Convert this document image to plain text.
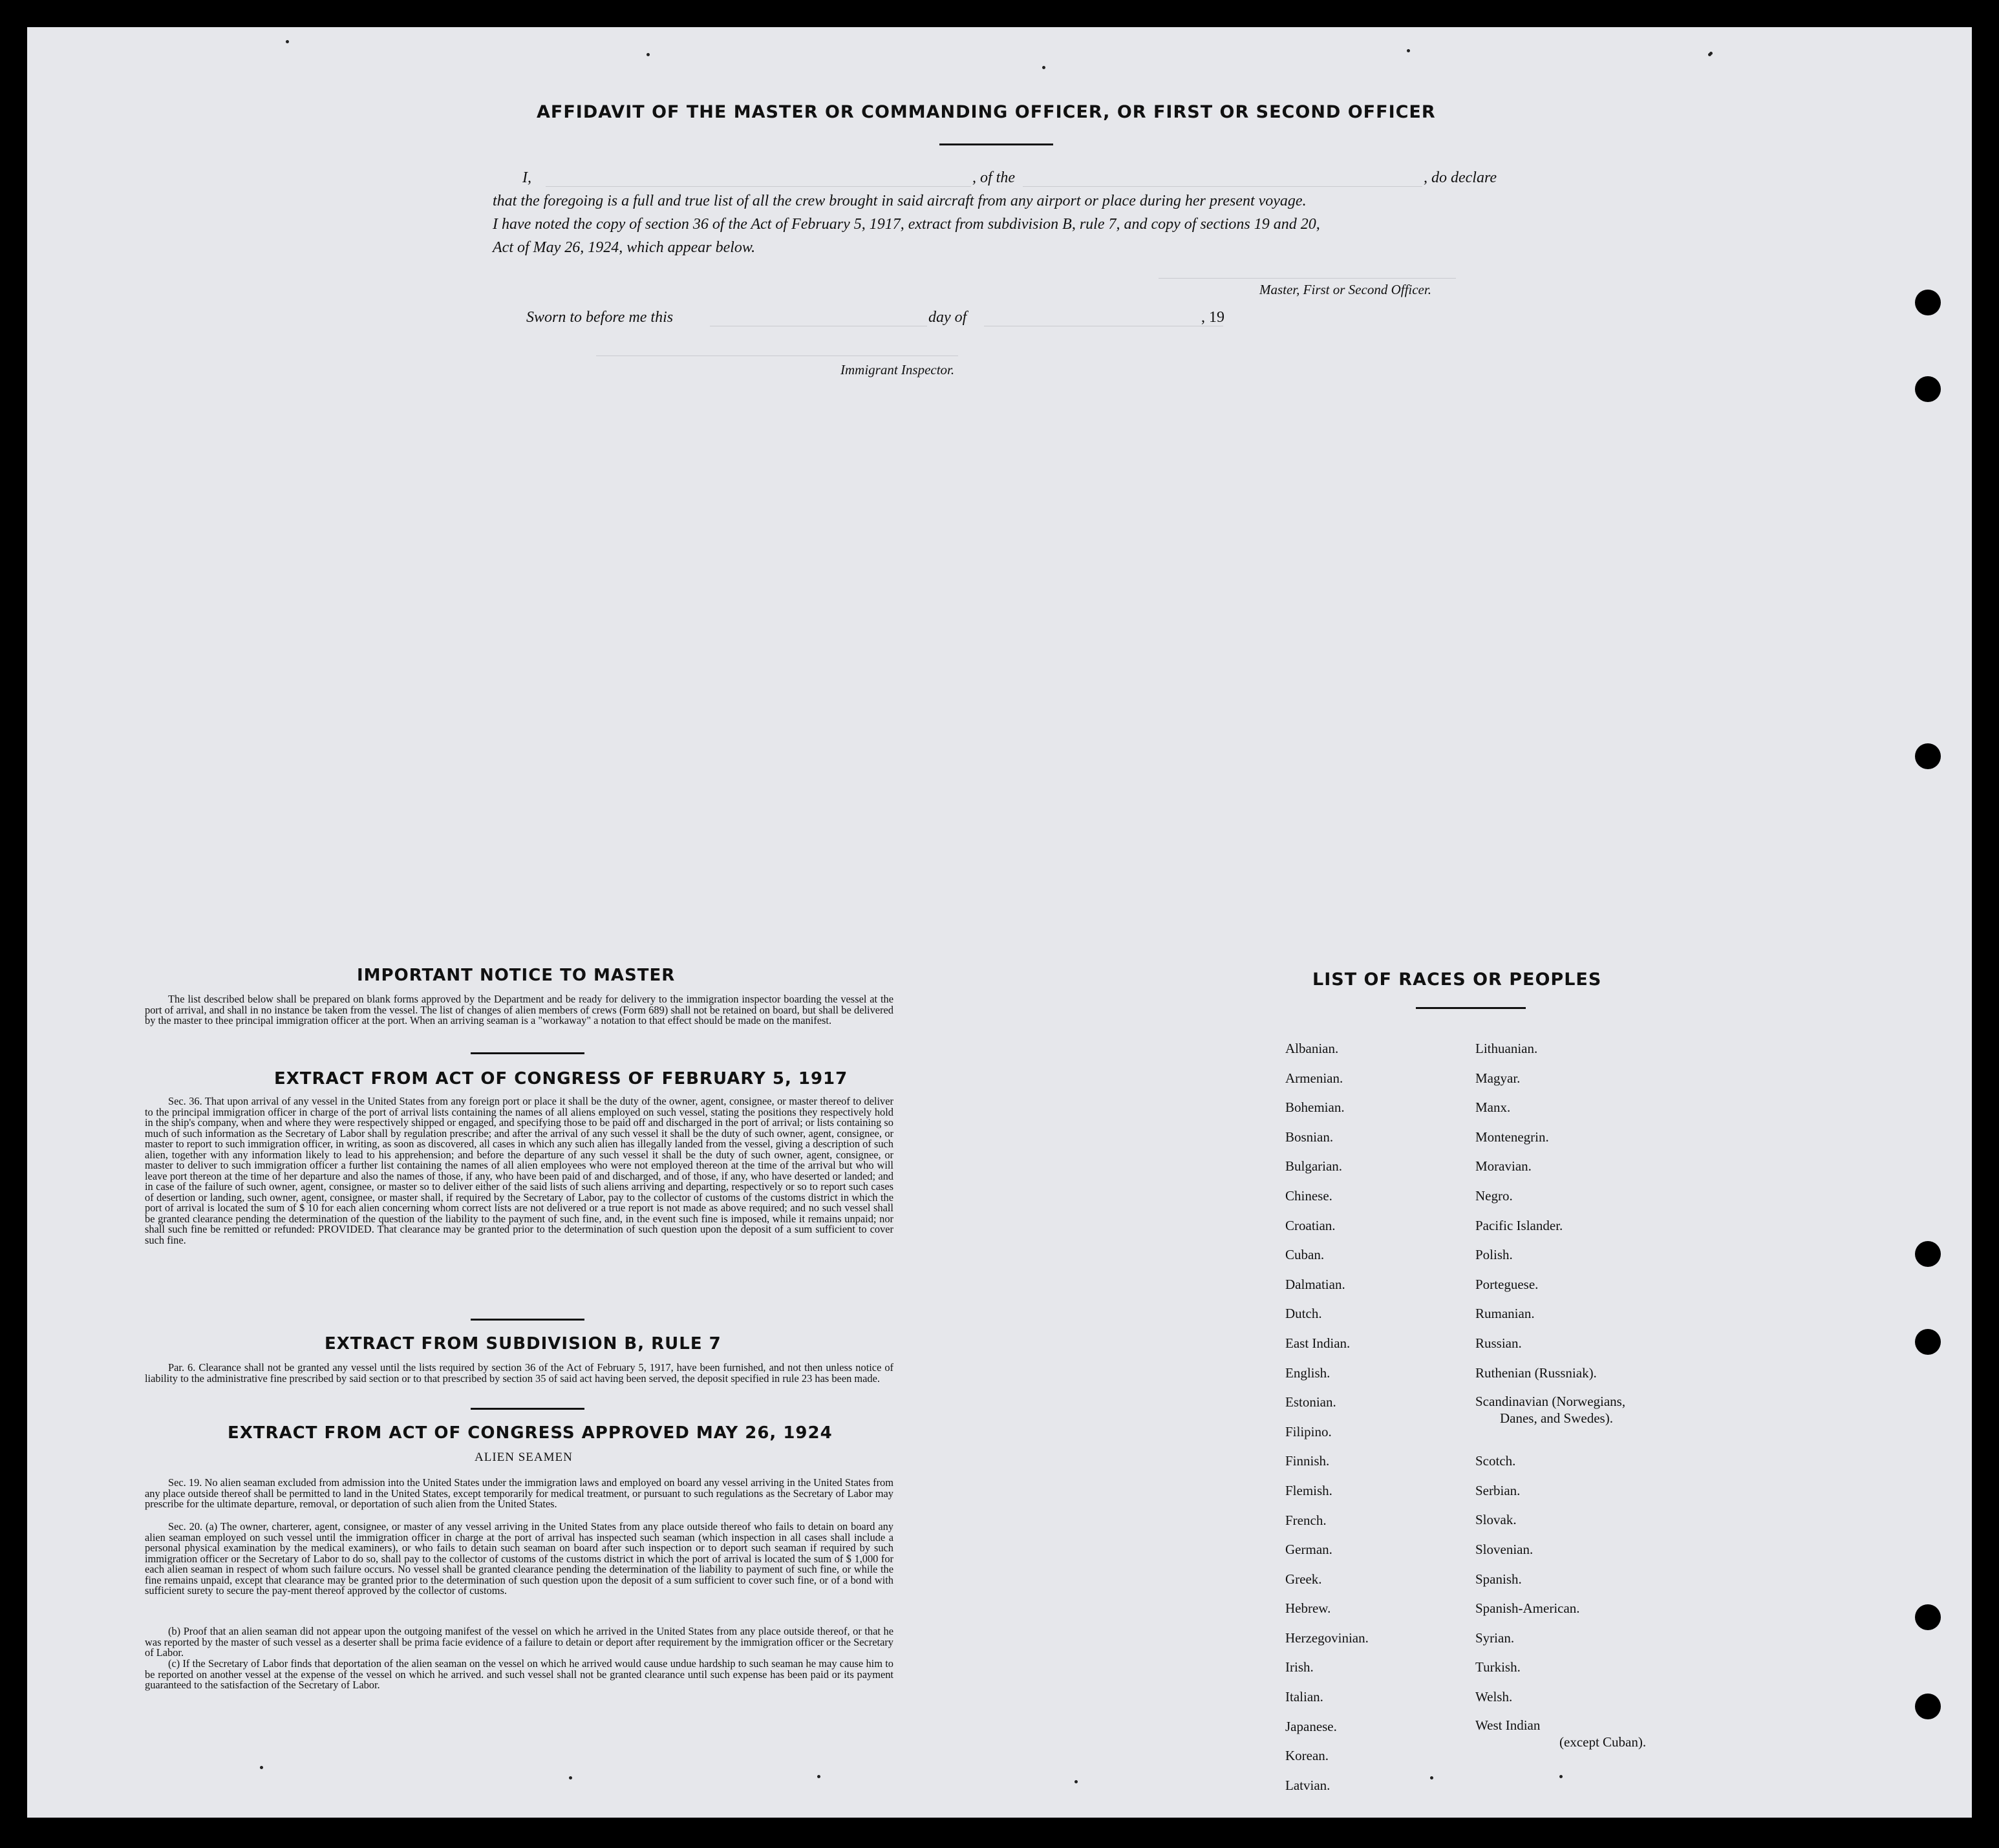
AFFIDAVIT OF THE MASTER OR COMMANDING OFFICER, OR FIRST OR SECOND OFFICER
I,	, of the	, do declare
that the foregoing is a full and true list of all the crew brought in said aircraft from any airport or place during her present voyage.
I have noted the copy of section 36 of the Act of February 5, 1917, extract from subdivision B, rule 7, and copy of sections 19 and 20,
Act of May 26, 1924, which appear below.
Master, First or Second Officer.
Sworn to before me this	day of	, 19
Immigrant Inspector.
IMPORTANT NOTICE TO MASTER
The list described below shall be prepared on blank forms approved by the Department and be ready for delivery to the immigration inspector boarding the vessel at the port of arrival, and shall in no instance be taken from the vessel. The list of changes of alien members of crews (Form 689) shall not be retained on board, but shall be delivered by the master to thee principal immigration officer at the port. When an arriving seaman is a "workaway" a notation to that effect should be made on the manifest.
EXTRACT FROM ACT OF CONGRESS OF FEBRUARY 5, 1917
Sec. 36. That upon arrival of any vessel in the United States from any foreign port or place it shall be the duty of the owner, agent, consignee, or master thereof to deliver to the principal immigration officer in charge of the port of arrival lists containing the names of all aliens employed on such vessel, stating the positions they respectively hold in the ship's company, when and where they were respectively shipped or engaged, and specifying those to be paid off and discharged in the port of arrival; or lists containing so much of such information as the Secretary of Labor shall by regulation prescribe; and after the arrival of any such vessel it shall be the duty of such owner, agent, consignee, or master to report to such immigration officer, in writing, as soon as discovered, all cases in which any such alien has illegally landed from the vessel, giving a description of such alien, together with any information likely to lead to his apprehension; and before the departure of any such vessel it shall be the duty of such owner, agent, consignee, or master to deliver to such immigration officer a further list containing the names of all alien employees who were not employed thereon at the time of the arrival but who will leave port thereon at the time of her departure and also the names of those, if any, who have been paid of and discharged, and of those, if any, who have deserted or landed; and in case of the failure of such owner, agent, consignee, or master so to deliver either of the said lists of such aliens arriving and departing, respectively or so to report such cases of desertion or landing, such owner, agent, consignee, or master shall, if required by the Secretary of Labor, pay to the collector of customs of the customs district in which the port of arrival is located the sum of $ 10 for each alien concerning whom correct lists are not delivered or a true report is not made as above required; and no such vessel shall be granted clearance pending the determination of the question of the liability to the payment of such fine, and, in the event such fine is imposed, while it remains unpaid; nor shall such fine be remitted or refunded: PROVIDED. That clearance may be granted prior to the determination of such question upon the deposit of a sum sufficient to cover such fine.
EXTRACT FROM SUBDIVISION B, RULE 7
Par. 6. Clearance shall not be granted any vessel until the lists required by section 36 of the Act of February 5, 1917, have been furnished, and not then unless notice of liability to the administrative fine prescribed by said section or to that prescribed by section 35 of said act having been served, the deposit specified in rule 23 has been made.
EXTRACT FROM ACT OF CONGRESS APPROVED MAY 26, 1924
ALIEN SEAMEN
Sec. 19. No alien seaman excluded from admission into the United States under the immigration laws and employed on board any vessel arriving in the United States from any place outside thereof shall be permitted to land in the United States, except temporarily for medical treatment, or pursuant to such regulations as the Secretary of Labor may prescribe for the ultimate departure, removal, or deportation of such alien from the United States.
Sec. 20. (a) The owner, charterer, agent, consignee, or master of any vessel arriving in the United States from any place outside thereof who fails to detain on board any alien seaman employed on such vessel until the immigration officer in charge at the port of arrival has inspected such seaman (which inspection in all cases shall include a personal physical examination by the medical examiners), or who fails to detain such seaman on board after such inspection or to deport such seaman if required by such immigration officer or the Secretary of Labor to do so, shall pay to the collector of customs of the customs district in which the port of arrival is located the sum of $ 1,000 for each alien seaman in respect of whom such failure occurs. No vessel shall be granted clearance pending the determination of the liability to payment of such fine, or while the fine remains unpaid, except that clearance may be granted prior to the determination of such question upon the deposit of a sum sufficient to cover such fine, or of a bond with sufficient surety to secure the pay-ment thereof approved by the collector of customs.
(b) Proof that an alien seaman did not appear upon the outgoing manifest of the vessel on which he arrived in the United States from any place outside thereof, or that he was reported by the master of such vessel as a deserter shall be prima facie evidence of a failure to detain or deport after requirement by the immigration officer or the Secretary of Labor.
(c) If the Secretary of Labor finds that deportation of the alien seaman on the vessel on which he arrived would cause undue hardship to such seaman he may cause him to be reported on another vessel at the expense of the vessel on which he arrived. and such vessel shall not be granted clearance until such expense has been paid or its payment guaranteed to the satisfaction of the Secretary of Labor.
LIST OF RACES OR PEOPLES
Albanian.
Armenian.
Bohemian.
Bosnian.
Bulgarian.
Chinese.
Croatian.
Cuban.
Dalmatian.
Dutch.
East Indian.
English.
Estonian.
Filipino.
Finnish.
Flemish.
French.
German.
Greek.
Hebrew.
Herzegovinian.
Irish.
Italian.
Japanese.
Korean.
Latvian.
Lithuanian.
Magyar.
Manx.
Montenegrin.
Moravian.
Negro.
Pacific Islander.
Polish.
Porteguese.
Rumanian.
Russian.
Ruthenian (Russniak).
Scandinavian (Norwegians,
Danes, and Swedes).
Scotch.
Serbian.
Slovak.
Slovenian.
Spanish.
Spanish-American.
Syrian.
Turkish.
Welsh.
West Indian
(except Cuban).
